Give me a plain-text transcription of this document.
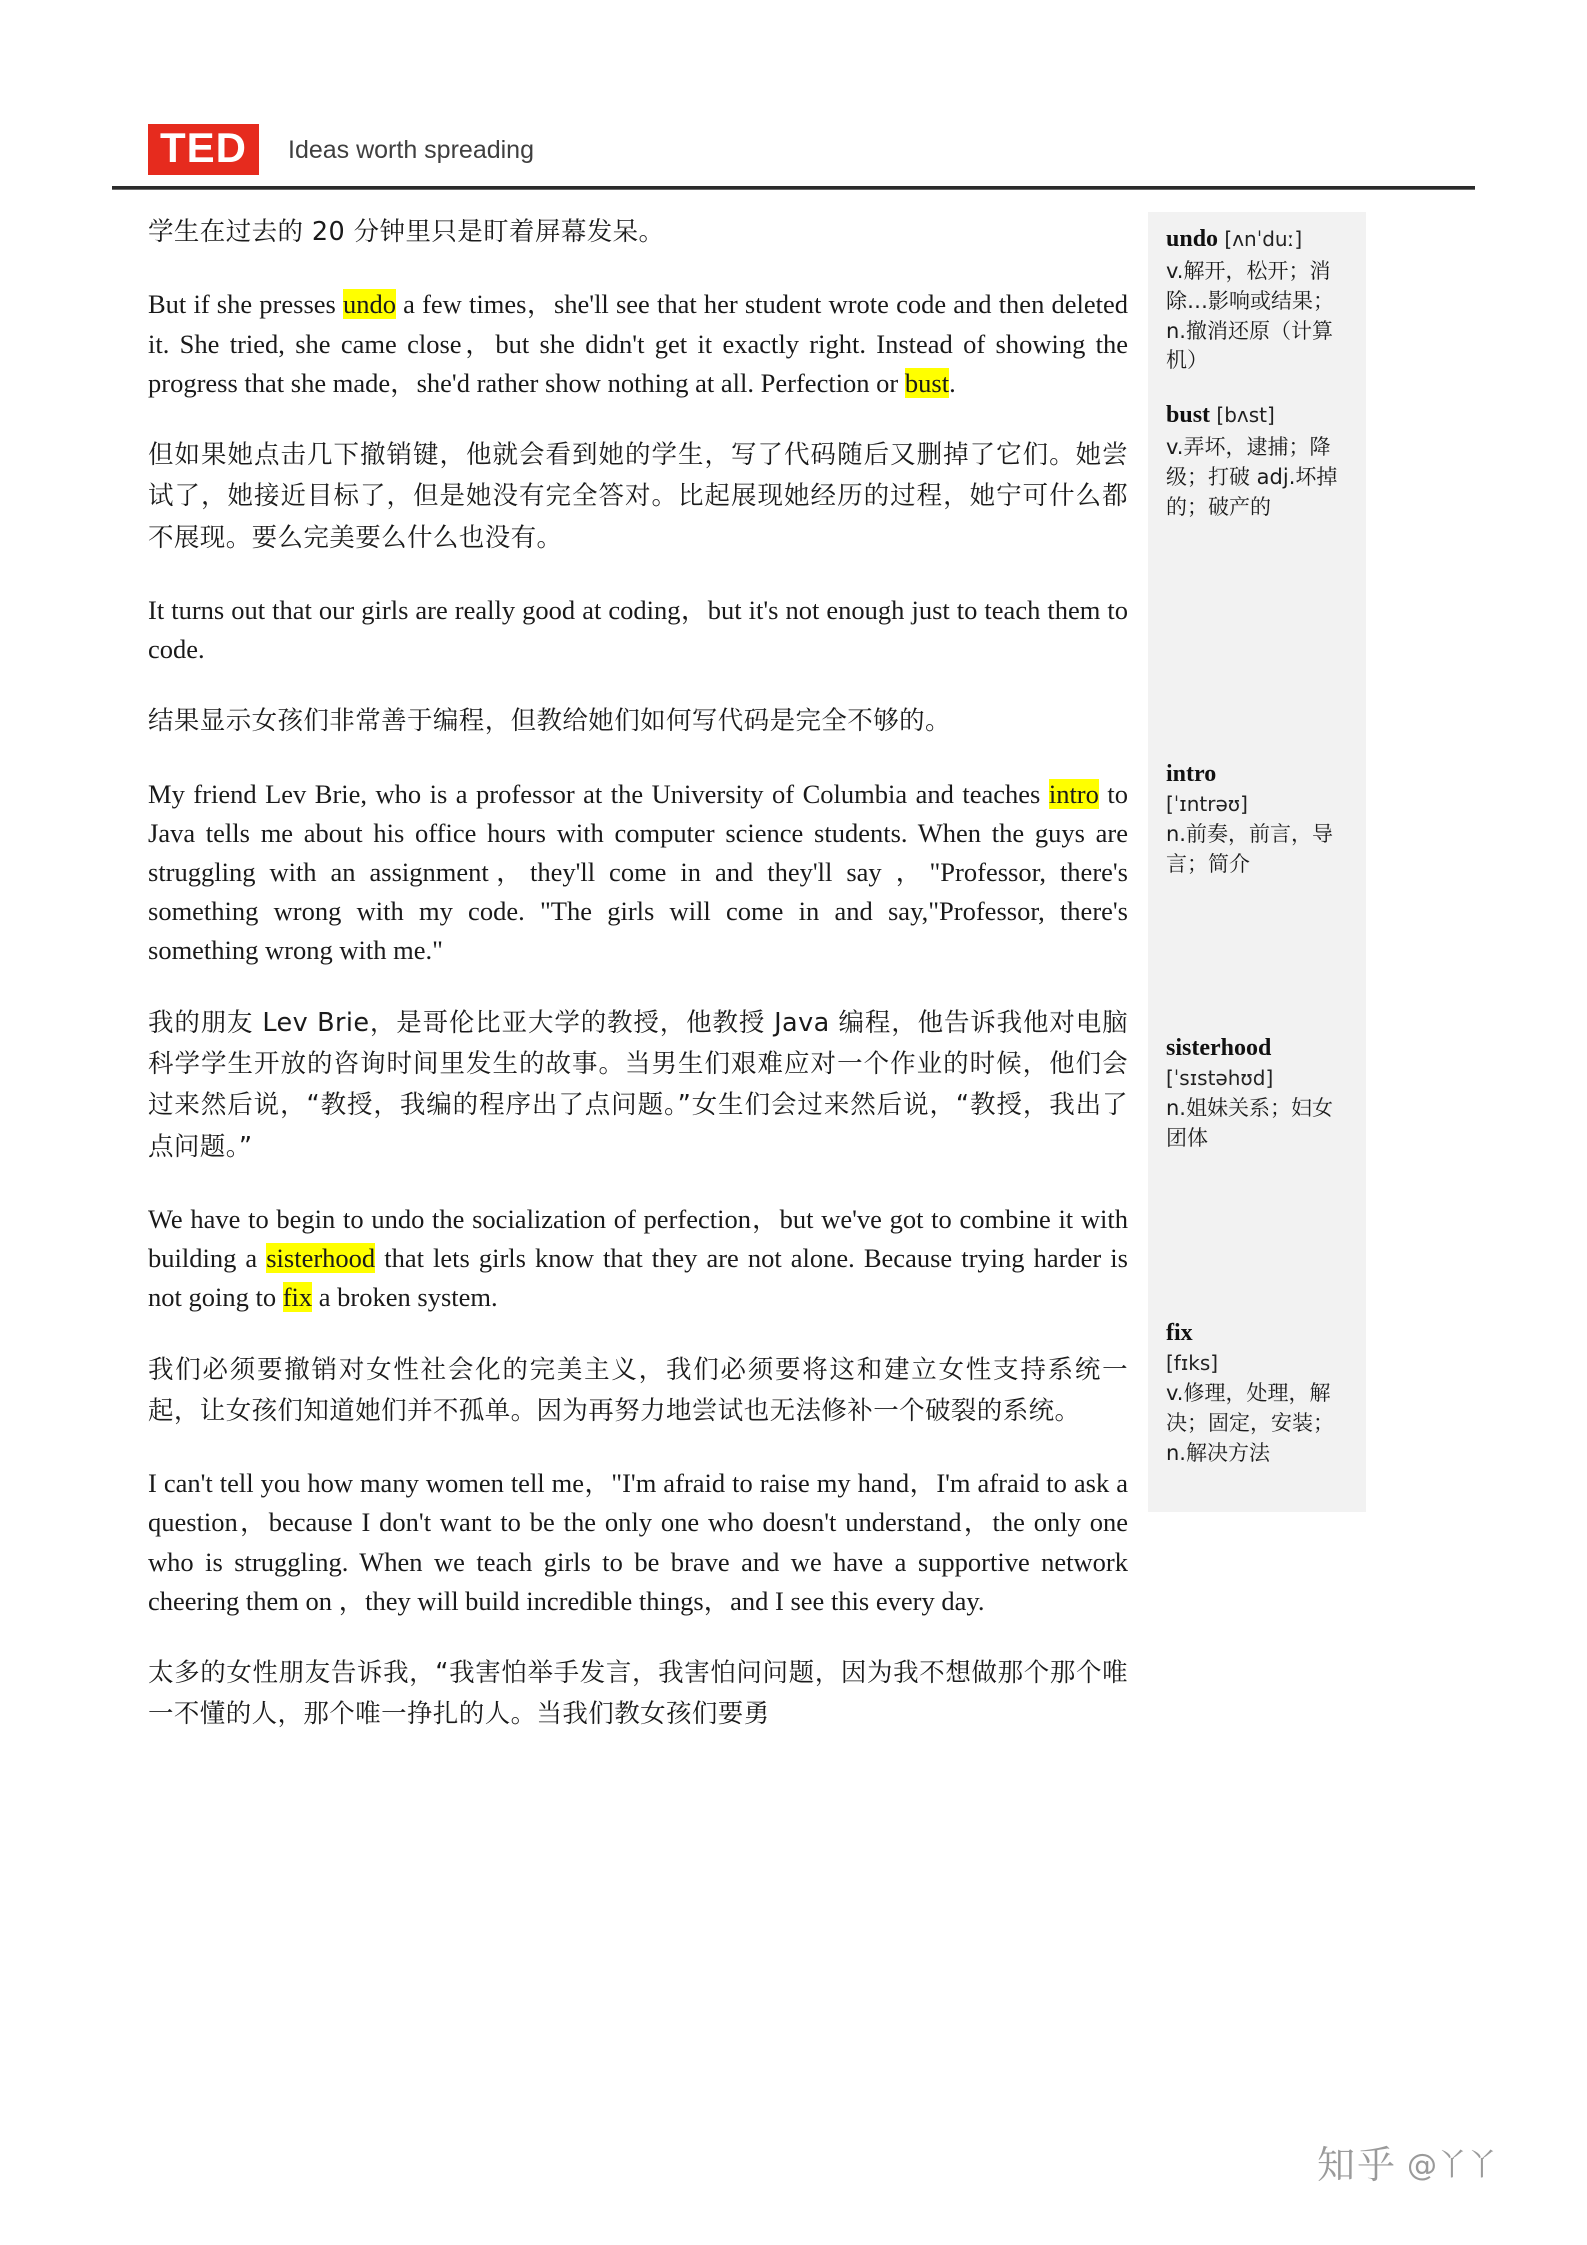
TED	Ideas worth spreading

学生在过去的 20 分钟里只是盯着屏幕发呆。

But if she presses undo a few times，she'll see that her student wrote code and then deleted it. She tried, she came close，but she didn't get it exactly right. Instead of showing the progress that she made，she'd rather show nothing at all. Perfection or bust.

但如果她点击几下撤销键，他就会看到她的学生，写了代码随后又删掉了它们。她尝试了，她接近目标了，但是她没有完全答对。比起展现她经历的过程，她宁可什么都不展现。要么完美要么什么也没有。

It turns out that our girls are really good at coding，but it's not enough just to teach them to code.

结果显示女孩们非常善于编程，但教给她们如何写代码是完全不够的。

My friend Lev Brie, who is a professor at the University of Columbia and teaches intro to Java tells me about his office hours with computer science students. When the guys are struggling with an assignment，they'll come in and they'll say ，"Professor, there's something wrong with my code. "The girls will come in and say,"Professor, there's something wrong with me."

我的朋友 Lev Brie，是哥伦比亚大学的教授，他教授 Java 编程，他告诉我他对电脑科学学生开放的咨询时间里发生的故事。当男生们艰难应对一个作业的时候，他们会过来然后说，“教授，我编的程序出了点问题。”女生们会过来然后说，“教授，我出了点问题。”

We have to begin to undo the socialization of perfection，but we've got to combine it with building a sisterhood that lets girls know that they are not alone. Because trying harder is not going to fix a broken system.

我们必须要撤销对女性社会化的完美主义，我们必须要将这和建立女性支持系统一起，让女孩们知道她们并不孤单。因为再努力地尝试也无法修补一个破裂的系统。

I can't tell you how many women tell me，"I'm afraid to raise my hand，I'm afraid to ask a question，because I don't want to be the only one who doesn't understand，the only one who is struggling. When we teach girls to be brave and we have a supportive network cheering them on ，they will build incredible things，and I see this every day.

太多的女性朋友告诉我，“我害怕举手发言，我害怕问问题，因为我不想做那个那个唯一不懂的人，那个唯一挣扎的人。当我们教女孩们要勇

undo [ʌnˈduː]
v.解开，松开；消除…影响或结果；n.撤消还原（计算机）
bust [bʌst]
v.弄坏，逮捕；降级；打破 adj.坏掉的；破产的
intro
[ˈɪntrəʊ]
n.前奏，前言，导言；简介
sisterhood
[ˈsɪstəhʊd]
n.姐妹关系；妇女团体
fix
[fɪks]
v.修理，处理，解决；固定，安装；n.解决方法
知乎 @丫丫
